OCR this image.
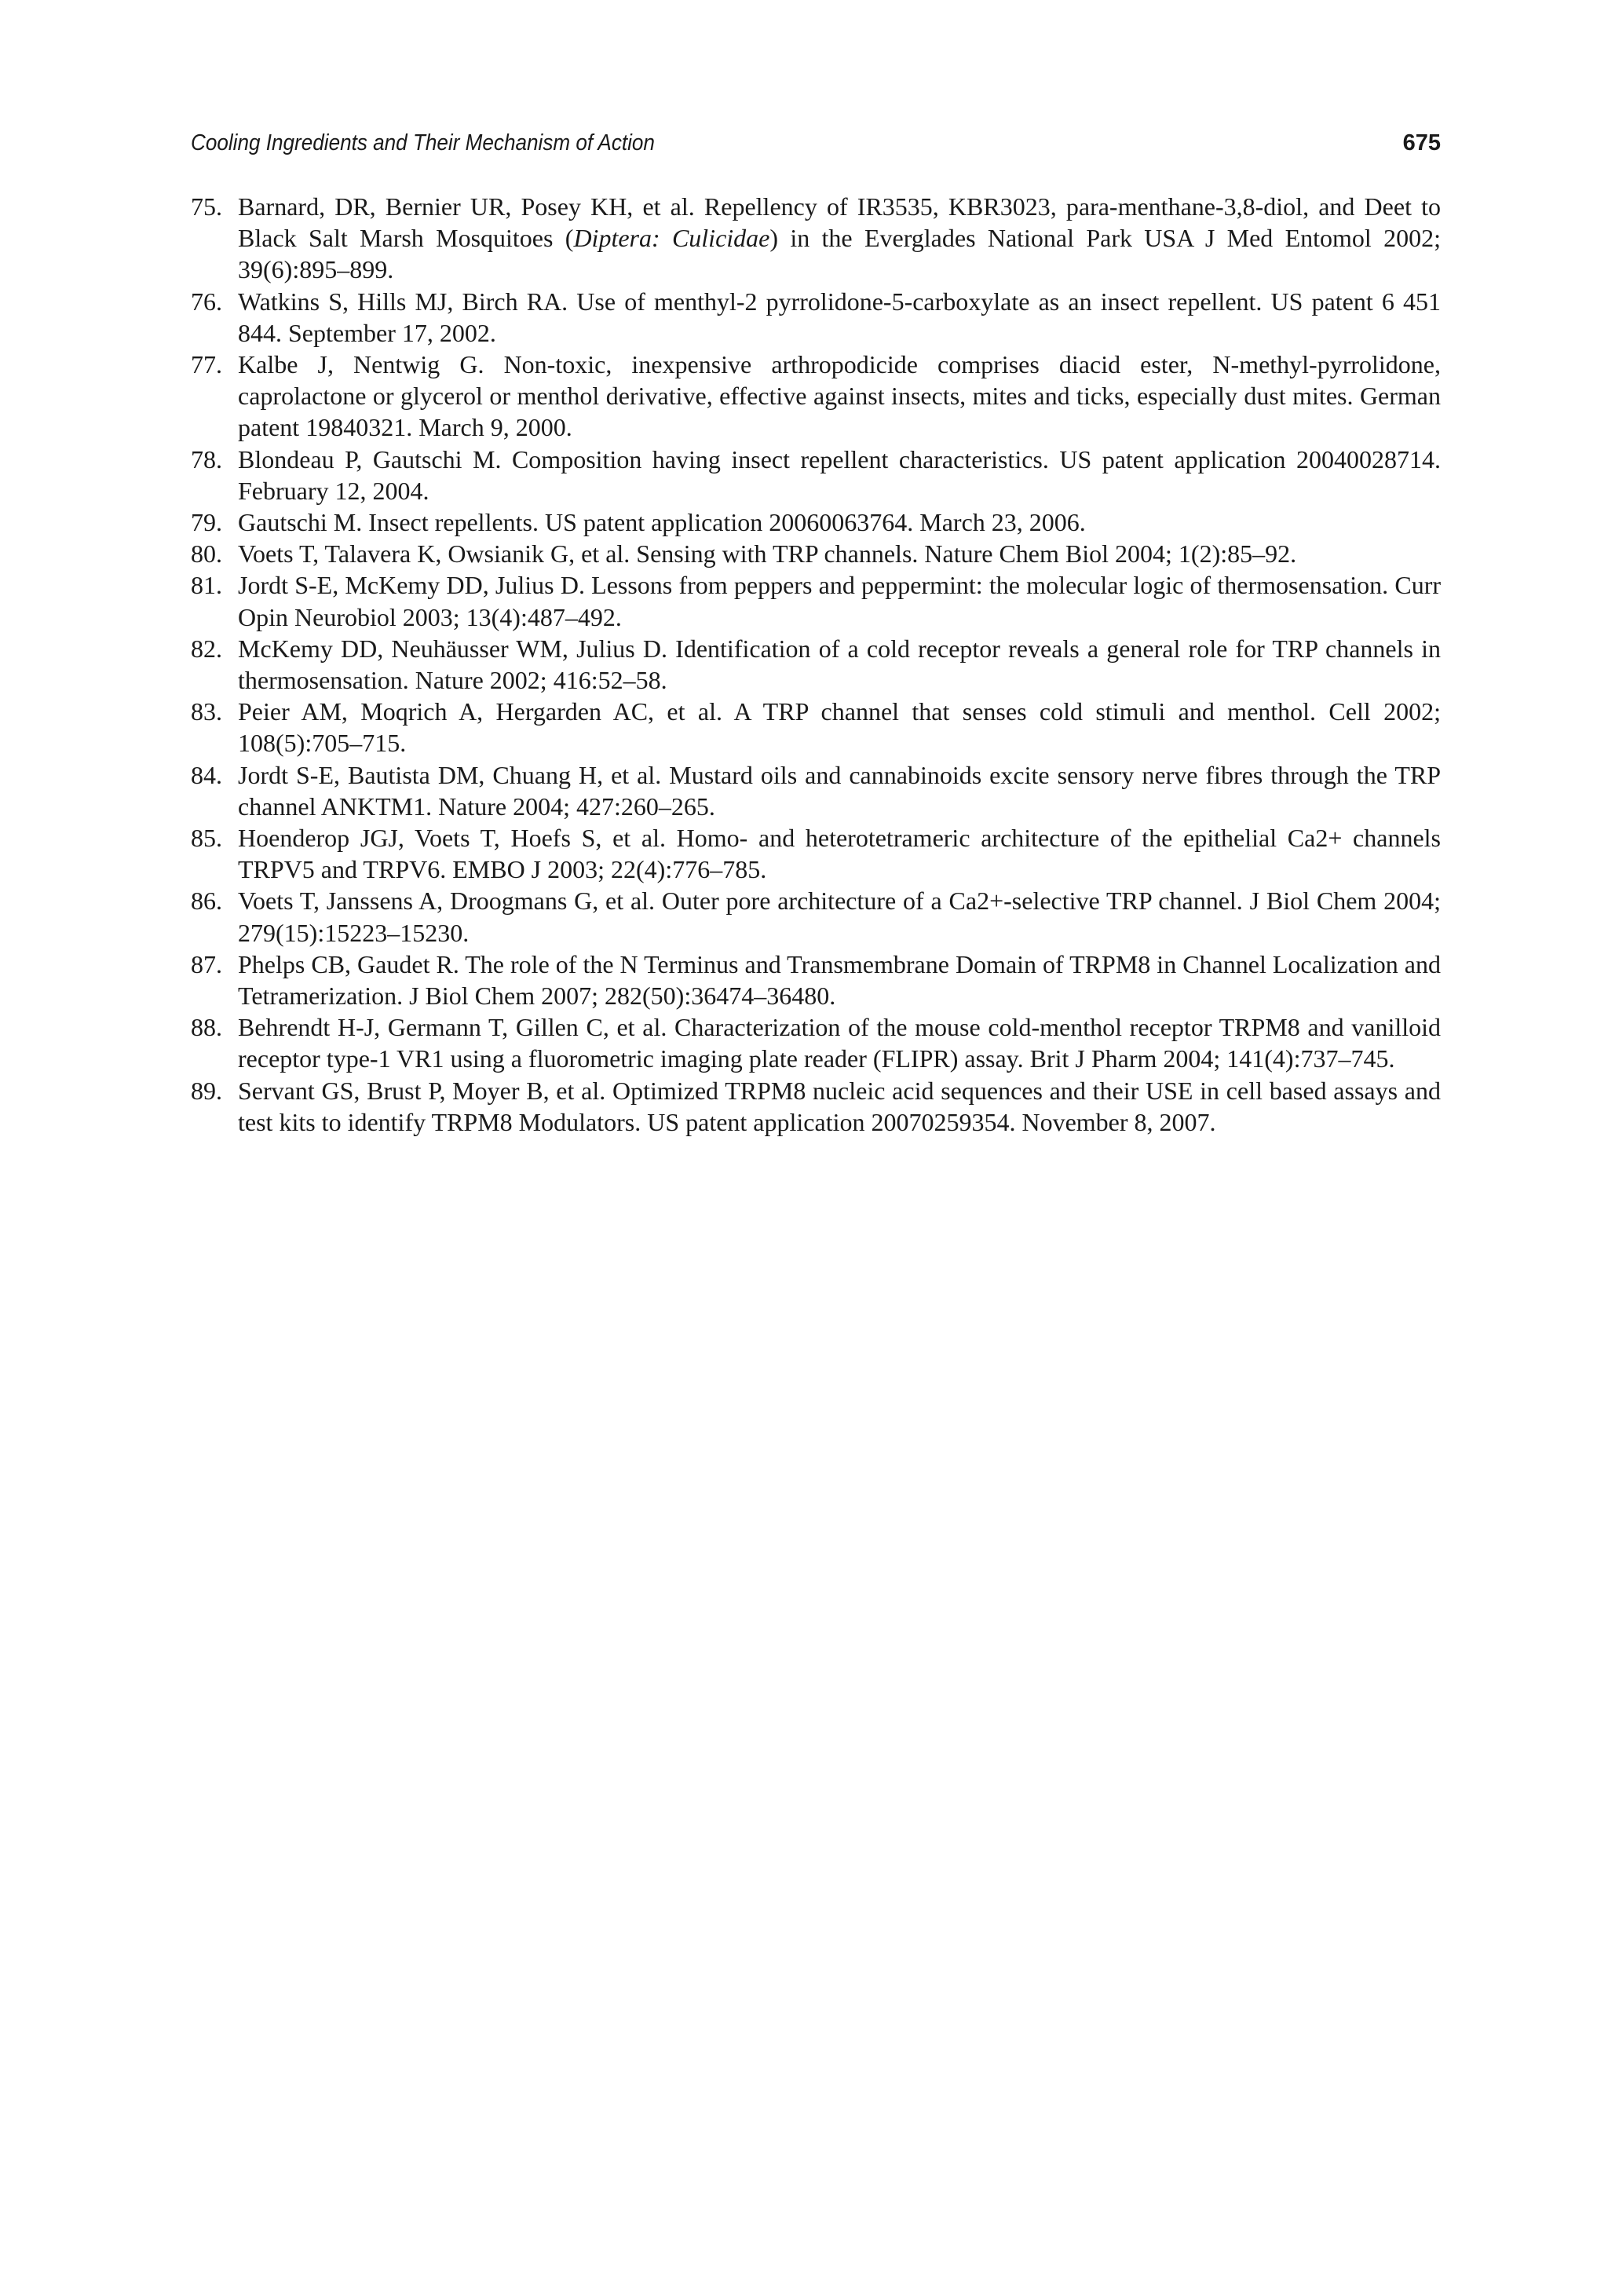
Cooling Ingredients and Their Mechanism of Action	675
75. Barnard, DR, Bernier UR, Posey KH, et al. Repellency of IR3535, KBR3023, para-menthane-3,8-diol, and Deet to Black Salt Marsh Mosquitoes (Diptera: Culicidae) in the Everglades National Park USA J Med Entomol 2002; 39(6):895–899.
76. Watkins S, Hills MJ, Birch RA. Use of menthyl-2 pyrrolidone-5-carboxylate as an insect repellent. US patent 6 451 844. September 17, 2002.
77. Kalbe J, Nentwig G. Non-toxic, inexpensive arthropodicide comprises diacid ester, N-methyl-pyrrolidone, caprolactone or glycerol or menthol derivative, effective against insects, mites and ticks, especially dust mites. German patent 19840321. March 9, 2000.
78. Blondeau P, Gautschi M. Composition having insect repellent characteristics. US patent application 20040028714. February 12, 2004.
79. Gautschi M. Insect repellents. US patent application 20060063764. March 23, 2006.
80. Voets T, Talavera K, Owsianik G, et al. Sensing with TRP channels. Nature Chem Biol 2004; 1(2):85–92.
81. Jordt S-E, McKemy DD, Julius D. Lessons from peppers and peppermint: the molecular logic of thermosensation. Curr Opin Neurobiol 2003; 13(4):487–492.
82. McKemy DD, Neuhäusser WM, Julius D. Identification of a cold receptor reveals a general role for TRP channels in thermosensation. Nature 2002; 416:52–58.
83. Peier AM, Moqrich A, Hergarden AC, et al. A TRP channel that senses cold stimuli and menthol. Cell 2002; 108(5):705–715.
84. Jordt S-E, Bautista DM, Chuang H, et al. Mustard oils and cannabinoids excite sensory nerve fibres through the TRP channel ANKTM1. Nature 2004; 427:260–265.
85. Hoenderop JGJ, Voets T, Hoefs S, et al. Homo- and heterotetrameric architecture of the epithelial Ca2+ channels TRPV5 and TRPV6. EMBO J 2003; 22(4):776–785.
86. Voets T, Janssens A, Droogmans G, et al. Outer pore architecture of a Ca2+-selective TRP channel. J Biol Chem 2004; 279(15):15223–15230.
87. Phelps CB, Gaudet R. The role of the N Terminus and Transmembrane Domain of TRPM8 in Channel Localization and Tetramerization. J Biol Chem 2007; 282(50):36474–36480.
88. Behrendt H-J, Germann T, Gillen C, et al. Characterization of the mouse cold-menthol receptor TRPM8 and vanilloid receptor type-1 VR1 using a fluorometric imaging plate reader (FLIPR) assay. Brit J Pharm 2004; 141(4):737–745.
89. Servant GS, Brust P, Moyer B, et al. Optimized TRPM8 nucleic acid sequences and their USE in cell based assays and test kits to identify TRPM8 Modulators. US patent application 20070259354. November 8, 2007.
